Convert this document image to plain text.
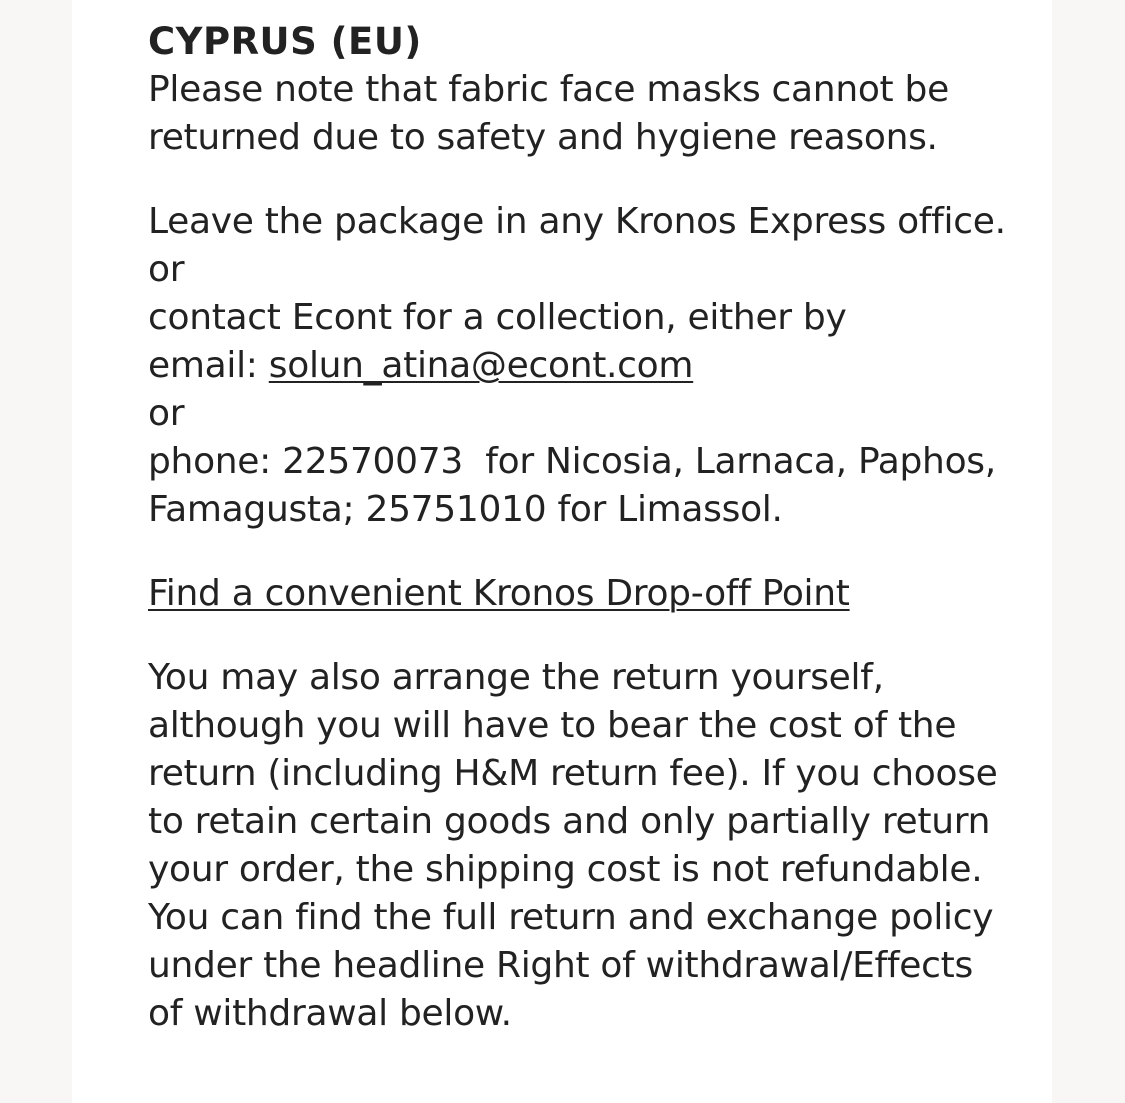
CYPRUS (EU)

Please note that fabric face masks cannot be returned due to safety and hygiene reasons.

Leave the package in any Kronos Express office.

or

contact Econt for a collection, either by

email: solun_atina@econt.com

or

phone: 22570073  for Nicosia, Larnaca, Paphos, Famagusta; 25751010 for Limassol.

Find a convenient Kronos Drop-off Point

You may also arrange the return yourself, although you will have to bear the cost of the return (including H&M return fee). If you choose to retain certain goods and only partially return your order, the shipping cost is not refundable. You can find the full return and exchange policy under the headline Right of withdrawal/Effects of withdrawal below.
